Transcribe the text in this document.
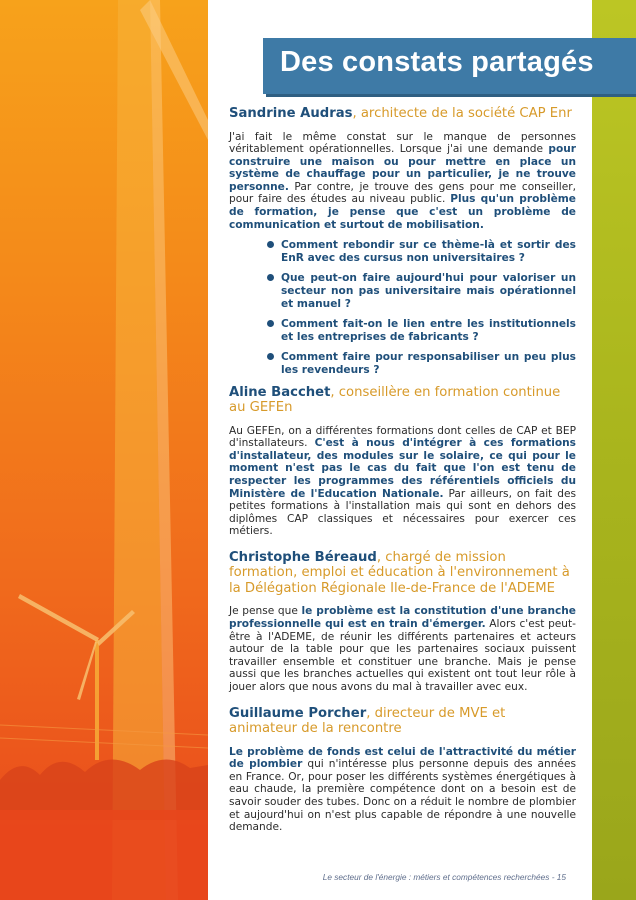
Des constats partagés
Sandrine Audras, architecte de la société CAP Enr

J'ai fait le même constat sur le manque de personnes véritablement opérationnelles. Lorsque j'ai une demande pour construire une maison ou pour mettre en place un système de chauffage pour un particulier, je ne trouve personne. Par contre, je trouve des gens pour me conseiller, pour faire des études au niveau public. Plus qu'un problème de formation, je pense que c'est un problème de communication et surtout de mobilisation.

Comment rebondir sur ce thème-là et sortir des EnR avec des cursus non universitaires ?
Que peut-on faire aujourd'hui pour valoriser un secteur non pas universitaire mais opérationnel et manuel ?
Comment fait-on le lien entre les institutionnels et les entreprises de fabricants ?
Comment faire pour responsabiliser un peu plus les revendeurs ?
Aline Bacchet, conseillère en formation continue au GEFEn

Au GEFEn, on a différentes formations dont celles de CAP et BEP d'installateurs. C'est à nous d'intégrer à ces formations d'installateur, des modules sur le solaire, ce qui pour le moment n'est pas le cas du fait que l'on est tenu de respecter les programmes des référentiels officiels du Ministère de l'Education Nationale. Par ailleurs, on fait des petites formations à l'installation mais qui sont en dehors des diplômes CAP classiques et nécessaires pour exercer ces métiers.

Christophe Béreaud, chargé de mission formation, emploi et éducation à l'environnement à la Délégation Régionale Ile-de-France de l'ADEME

Je pense que le problème est la constitution d'une branche professionnelle qui est en train d'émerger. Alors c'est peut-être à l'ADEME, de réunir les différents partenaires et acteurs autour de la table pour que les partenaires sociaux puissent travailler ensemble et constituer une branche. Mais je pense aussi que les branches actuelles qui existent ont tout leur rôle à jouer alors que nous avons du mal à travailler avec eux.

Guillaume Porcher, directeur de MVE et animateur de la rencontre

Le problème de fonds est celui de l'attractivité du métier de plombier qui n'intéresse plus personne depuis des années en France. Or, pour poser les différents systèmes énergétiques à eau chaude, la première compétence dont on a besoin est de savoir souder des tubes. Donc on a réduit le nombre de plombier et aujourd'hui on n'est plus capable de répondre à une nouvelle demande.

Le secteur de l'énergie : métiers et compétences recherchées - 15
